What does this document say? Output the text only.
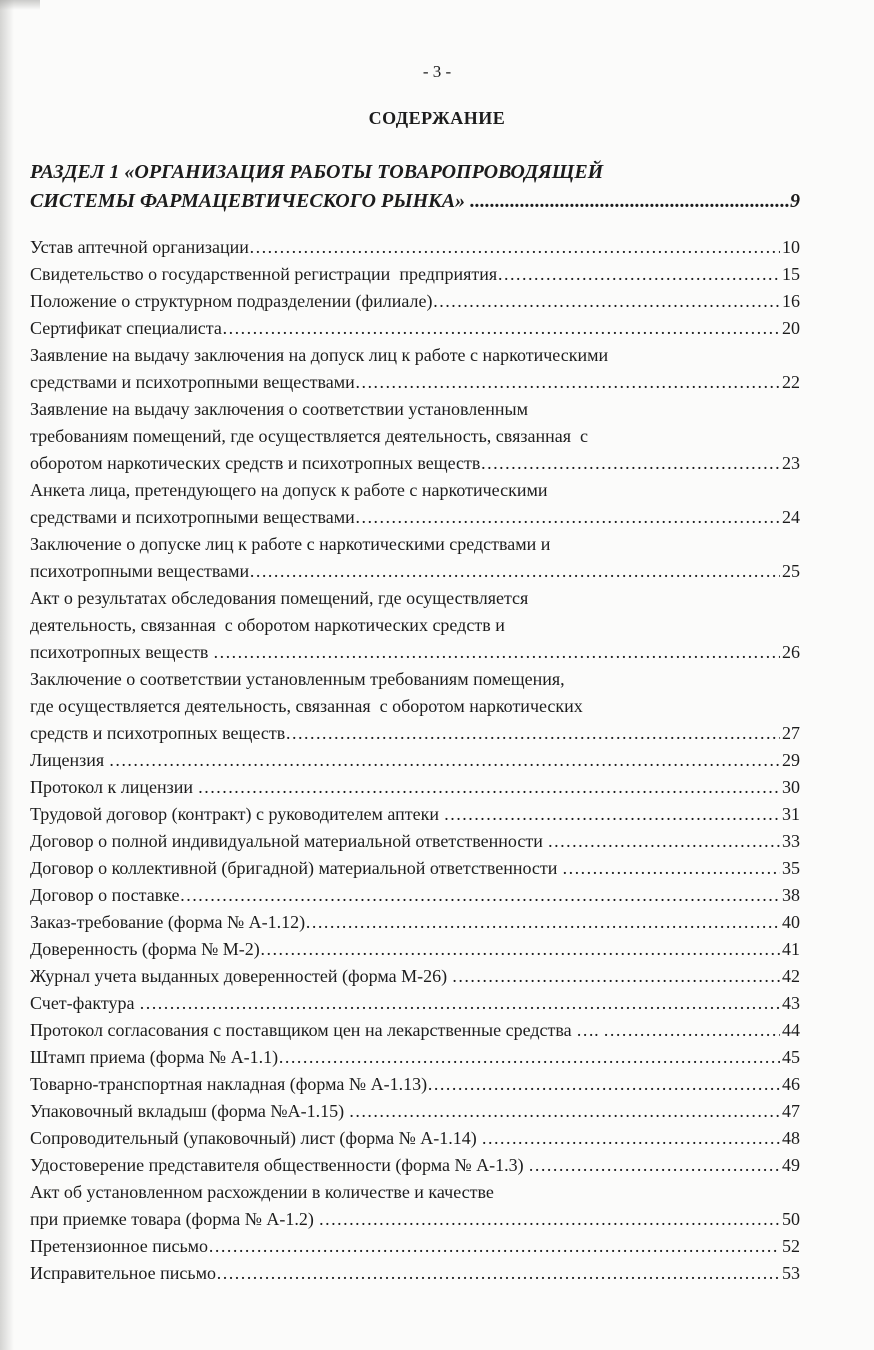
- 3 -
СОДЕРЖАНИЕ
РАЗДЕЛ 1 «ОРГАНИЗАЦИЯ РАБОТЫ ТОВАРОПРОВОДЯЩЕЙ
СИСТЕМЫ ФАРМАЦЕВТИЧЕСКОГО РЫНКА» .....	9
Устав аптечной организации ………………………………………………………………………………………………………………………………………………………………	10
Свидетельство о государственной регистрации  предприятия ………………………………………………………………………………………………………………………………………………………………	15
Положение о структурном подразделении (филиале) ………………………………………………………………………………………………………………………………………………………………	16
Сертификат специалиста ………………………………………………………………………………………………………………………………………………………………	20
Заявление на выдачу заключения на допуск лиц к работе с наркотическими
средствами и психотропными веществами ………………………………………………………………………………………………………………………………………………………………	22
Заявление на выдачу заключения о соответствии установленным
требованиям помещений, где осуществляется деятельность, связанная  с
оборотом наркотических средств и психотропных веществ ………………………………………………………………………………………………………………………………………………………………	23
Анкета лица, претендующего на допуск к работе с наркотическими
средствами и психотропными веществами ………………………………………………………………………………………………………………………………………………………………	24
Заключение о допуске лиц к работе с наркотическими средствами и
психотропными веществами ………………………………………………………………………………………………………………………………………………………………	25
Акт о результатах обследования помещений, где осуществляется
деятельность, связанная  с оборотом наркотических средств и
психотропных веществ ………………………………………………………………………………………………………………………………………………………………	26
Заключение о соответствии установленным требованиям помещения,
где осуществляется деятельность, связанная  с оборотом наркотических
средств и психотропных веществ ………………………………………………………………………………………………………………………………………………………………	27
Лицензия ………………………………………………………………………………………………………………………………………………………………	29
Протокол к лицензии ………………………………………………………………………………………………………………………………………………………………	30
Трудовой договор (контракт) с руководителем аптеки ………………………………………………………………………………………………………………………………………………………………	31
Договор о полной индивидуальной материальной ответственности ………………………………………………………………………………………………………………………………………………………………	33
Договор о коллективной (бригадной) материальной ответственности ………………………………………………………………………………………………………………………………………………………………	35
Договор о поставке ………………………………………………………………………………………………………………………………………………………………	38
Заказ-требование (форма № А-1.12) ………………………………………………………………………………………………………………………………………………………………	40
Доверенность (форма № М-2) ………………………………………………………………………………………………………………………………………………………………	41
Журнал учета выданных доверенностей (форма М-26) ………………………………………………………………………………………………………………………………………………………………	42
Счет-фактура ………………………………………………………………………………………………………………………………………………………………	43
Протокол согласования с поставщиком цен на лекарственные средства …. ………………………………………………………………………………………………………………………………………………………………	44
Штамп приема (форма № А-1.1) ………………………………………………………………………………………………………………………………………………………………	45
Товарно-транспортная накладная (форма № А-1.13) ………………………………………………………………………………………………………………………………………………………………	46
Упаковочный вкладыш (форма №А-1.15) ………………………………………………………………………………………………………………………………………………………………	47
Сопроводительный (упаковочный) лист (форма № А-1.14) ………………………………………………………………………………………………………………………………………………………………	48
Удостоверение представителя общественности (форма № А-1.3) ………………………………………………………………………………………………………………………………………………………………	49
Акт об установленном расхождении в количестве и качестве
при приемке товара (форма № А-1.2) ………………………………………………………………………………………………………………………………………………………………	50
Претензионное письмо ………………………………………………………………………………………………………………………………………………………………	52
Исправительное письмо ………………………………………………………………………………………………………………………………………………………………	53
